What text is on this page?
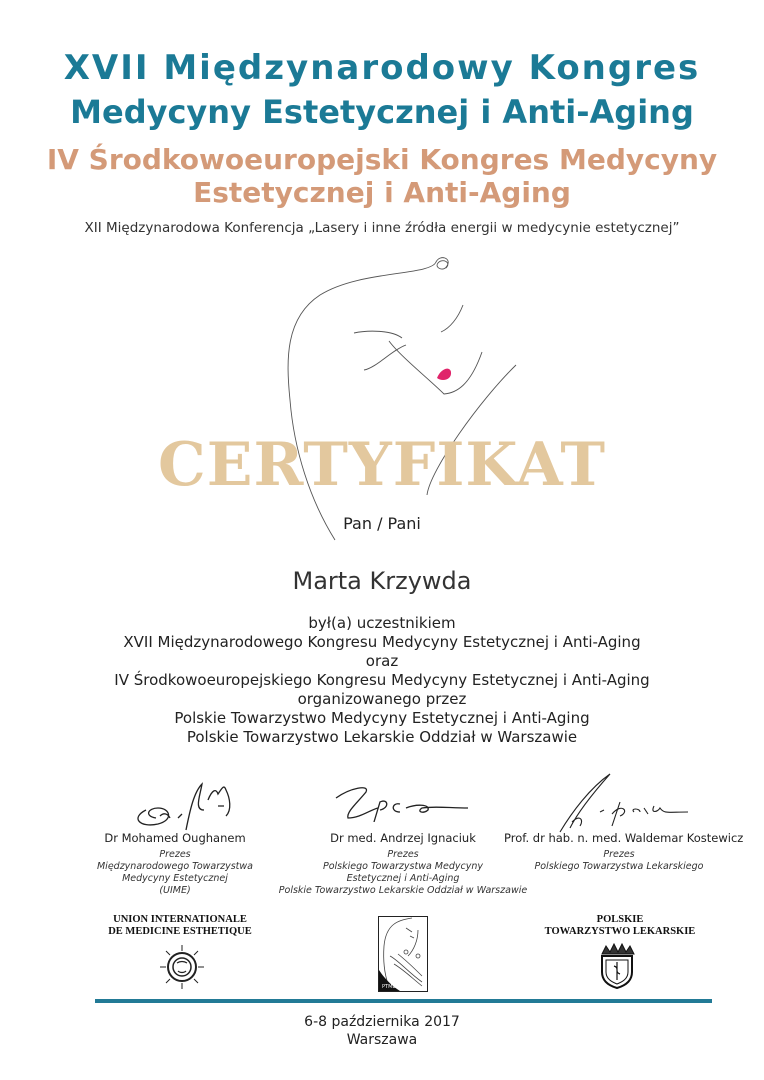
XVII Międzynarodowy Kongres
Medycyny Estetycznej i Anti-Aging
IV Środkowoeuropejski Kongres Medycyny
Estetycznej i Anti-Aging
XII Międzynarodowa Konferencja „Lasery i inne źródła energii w medycynie estetycznej”
CERTYFIKAT
Pan / Pani
Marta Krzywda
był(a) uczestnikiem
XVII Międzynarodowego Kongresu Medycyny Estetycznej i Anti-Aging
oraz
IV Środkowoeuropejskiego Kongresu Medycyny Estetycznej i Anti-Aging
organizowanego przez
Polskie Towarzystwo Medycyny Estetycznej i Anti-Aging
Polskie Towarzystwo Lekarskie Oddział w Warszawie
Dr Mohamed Oughanem
Prezes
Międzynarodowego Towarzystwa
Medycyny Estetycznej
(UIME)
Dr med. Andrzej Ignaciuk
Prezes
Polskiego Towarzystwa Medycyny
Estetycznej i Anti-Aging
Polskie Towarzystwo Lekarskie Oddział w Warszawie
Prof. dr hab. n. med. Waldemar Kostewicz
Prezes
Polskiego Towarzystwa Lekarskiego
UNION INTERNATIONALE
DE MEDICINE ESTHETIQUE
PTMEIAA
POLSKIE
TOWARZYSTWO LEKARSKIE
6-8 października 2017
Warszawa
